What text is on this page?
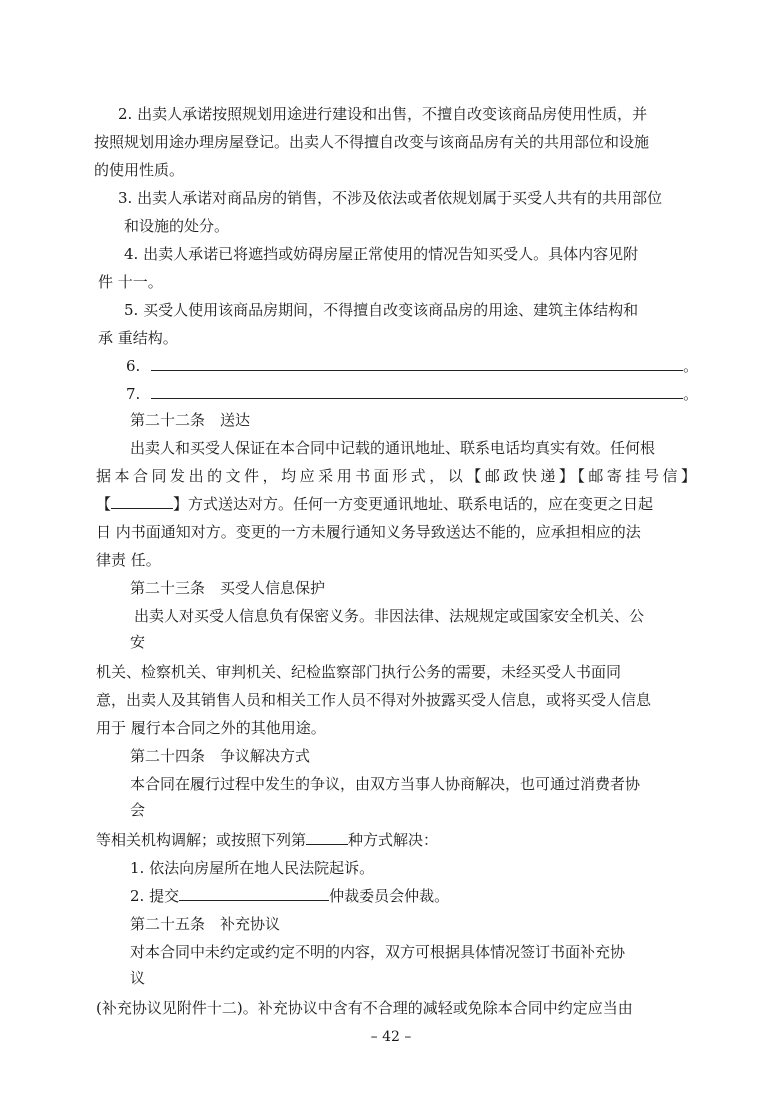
2. 出卖人承诺按照规划用途进行建设和出售，不擅自改变该商品房使用性质，并
按照规划用途办理房屋登记。出卖人不得擅自改变与该商品房有关的共用部位和设施
的使用性质。
3. 出卖人承诺对商品房的销售，不涉及依法或者依规划属于买受人共有的共用部位
和设施的处分。
4. 出卖人承诺已将遮挡或妨碍房屋正常使用的情况告知买受人。具体内容见附
件 十一。
5. 买受人使用该商品房期间，不得擅自改变该商品房的用途、建筑主体结构和
承 重结构。
6.	。
7.	。
第二十二条　送达
出卖人和买受人保证在本合同中记载的通讯地址、联系电话均真实有效。任何根
据本合同发出的文件，均应采用书面形式，以【邮政快递】【邮寄挂号信】
【	】方式送达对方。任何一方变更通讯地址、联系电话的，应在变更之日起
日 内书面通知对方。变更的一方未履行通知义务导致送达不能的，应承担相应的法
律责 任。
第二十三条　买受人信息保护
出卖人对买受人信息负有保密义务。非因法律、法规规定或国家安全机关、公
安
机关、检察机关、审判机关、纪检监察部门执行公务的需要，未经买受人书面同
意，出卖人及其销售人员和相关工作人员不得对外披露买受人信息，或将买受人信息
用于 履行本合同之外的其他用途。
第二十四条　争议解决方式
本合同在履行过程中发生的争议，由双方当事人协商解决，也可通过消费者协
会
等相关机构调解；或按照下列第	种方式解决：
1. 依法向房屋所在地人民法院起诉。
2. 提交	仲裁委员会仲裁。
第二十五条　补充协议
对本合同中未约定或约定不明的内容，双方可根据具体情况签订书面补充协
议
(补充协议见附件十二)。补充协议中含有不合理的减轻或免除本合同中约定应当由
– 42 –
